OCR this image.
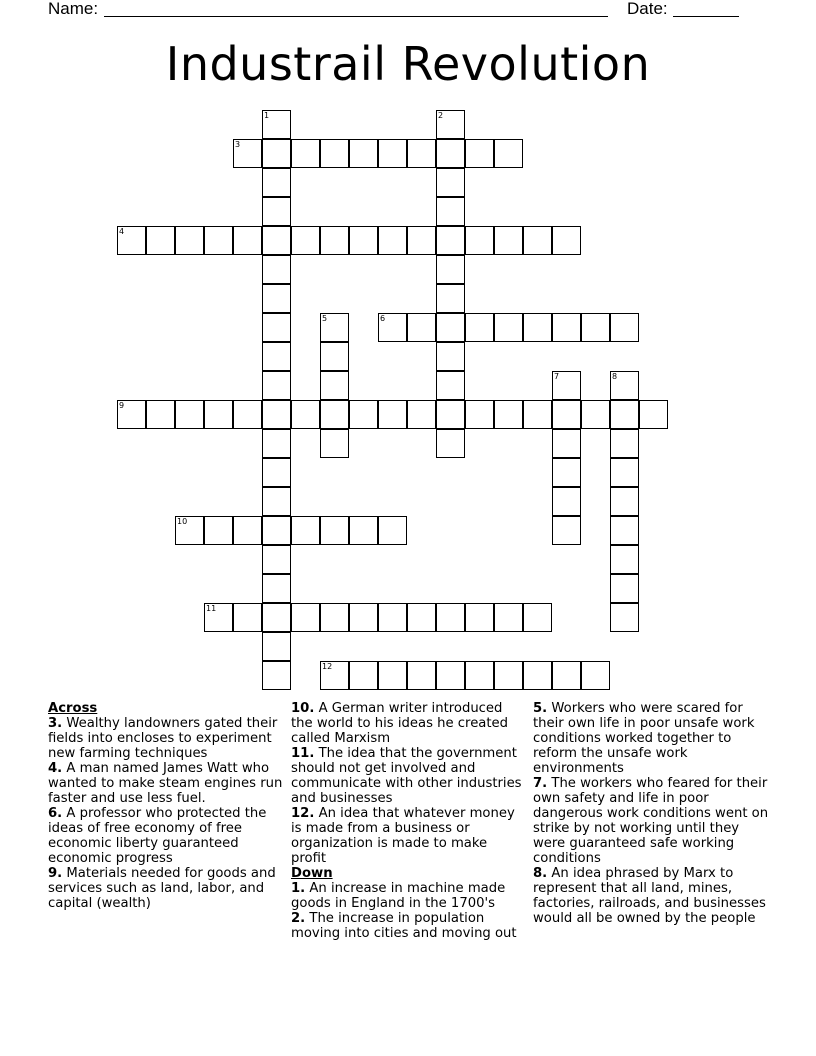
Name:	Date:
Industrail Revolution
1	2
3
4
5	6
7	8
9
10
11
12
Across
3. Wealthy landowners gated their fields into encloses to experiment new farming techniques
4. A man named James Watt who wanted to make steam engines run faster and use less fuel.
6. A professor who protected the ideas of free economy of free economic liberty guaranteed economic progress
9. Materials needed for goods and services such as land, labor, and capital (wealth)
10. A German writer introduced the world to his ideas he created called Marxism
11. The idea that the government should not get involved and communicate with other industries and businesses
12. An idea that whatever money is made from a business or organization is made to make profit
Down
1. An increase in machine made goods in England in the 1700's
2. The increase in population moving into cities and moving out
5. Workers who were scared for their own life in poor unsafe work conditions worked together to reform the unsafe work environments
7. The workers who feared for their own safety and life in poor dangerous work conditions went on strike by not working until they were guaranteed safe working conditions
8. An idea phrased by Marx to represent that all land, mines, factories, railroads, and businesses would all be owned by the people
